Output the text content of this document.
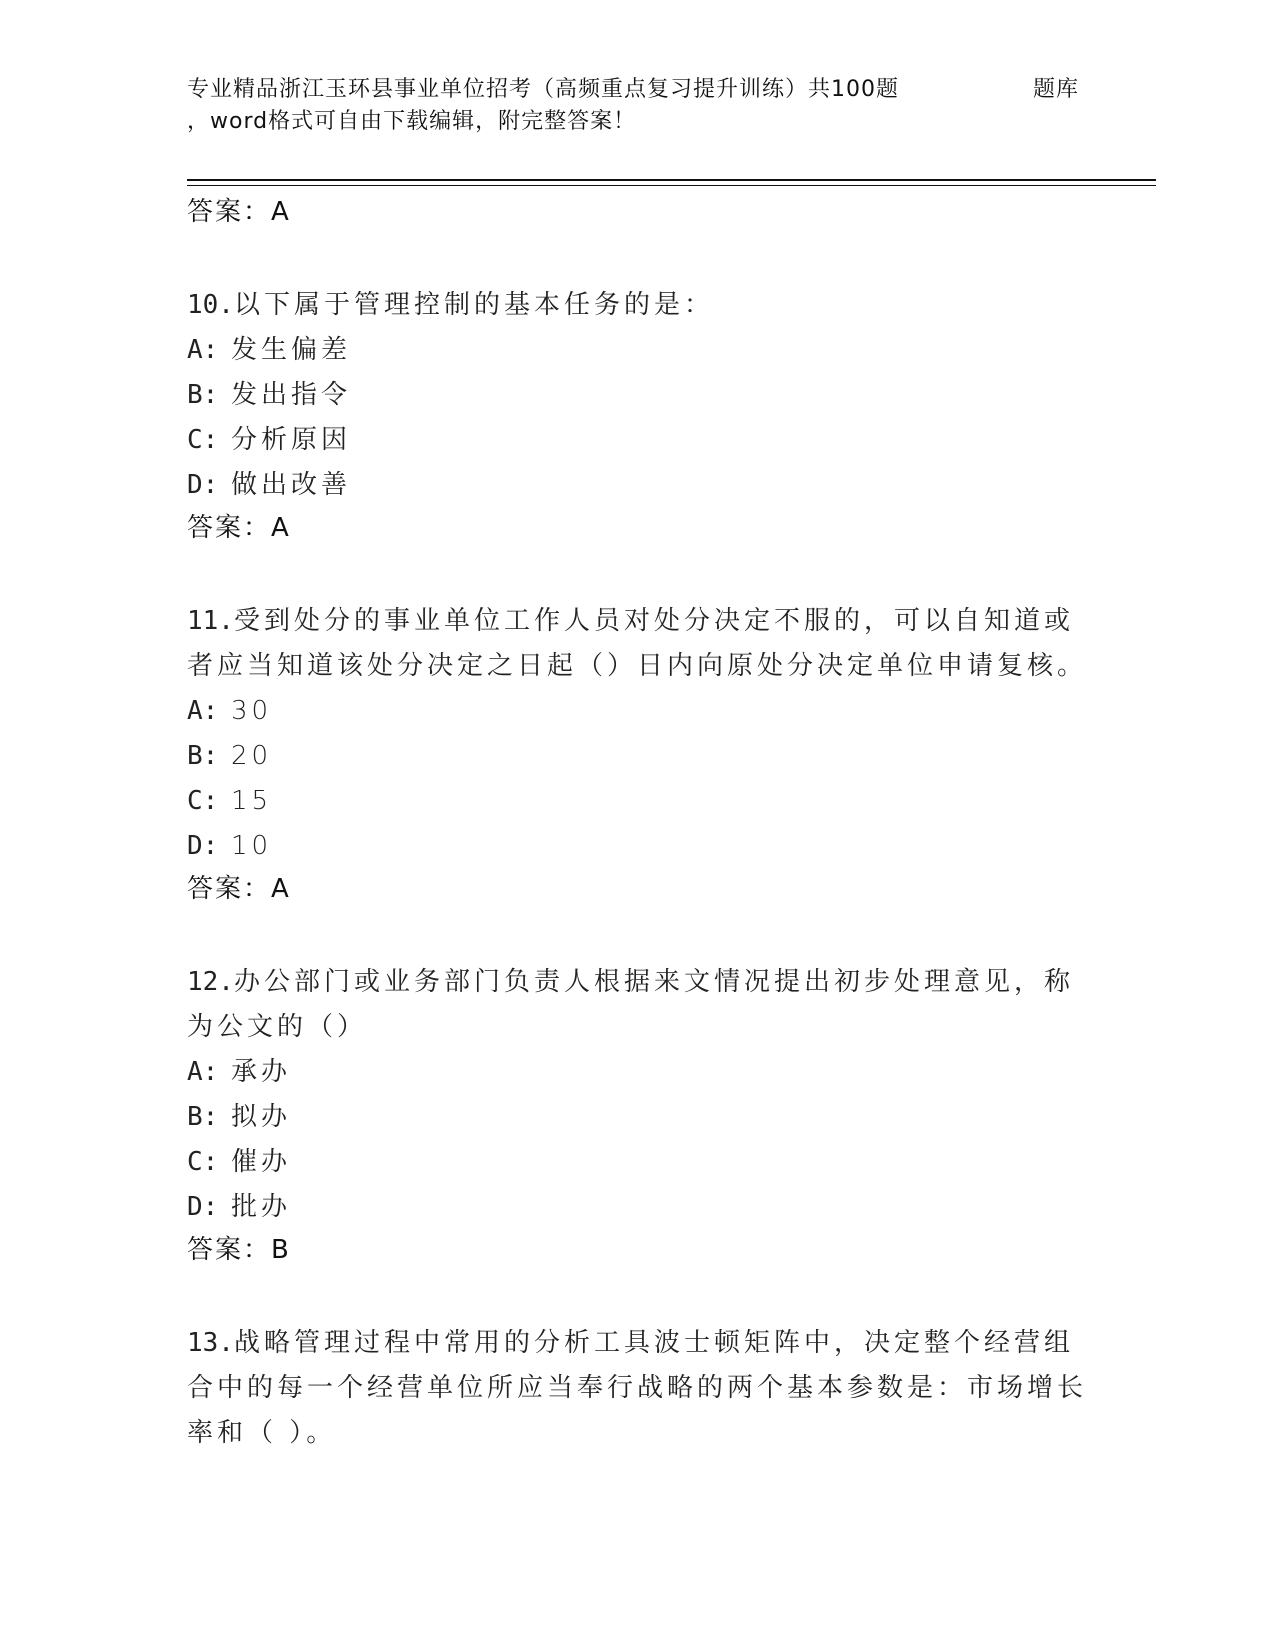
专业精品浙江玉环县事业单位招考（高频重点复习提升训练）共100题	题库
，word格式可自由下载编辑，附完整答案！
答案：A
10.以下属于管理控制的基本任务的是：
A: 发生偏差
B: 发出指令
C: 分析原因
D: 做出改善
答案：A
11.受到处分的事业单位工作人员对处分决定不服的，可以自知道或者应当知道该处分决定之日起（）日内向原处分决定单位申请复核。
A: 30
B: 20
C: 15
D: 10
答案：A
12.办公部门或业务部门负责人根据来文情况提出初步处理意见，称为公文的（）
A: 承办
B: 拟办
C: 催办
D: 批办
答案：B
13.战略管理过程中常用的分析工具波士顿矩阵中，决定整个经营组合中的每一个经营单位所应当奉行战略的两个基本参数是：市场增长率和（ ）。
